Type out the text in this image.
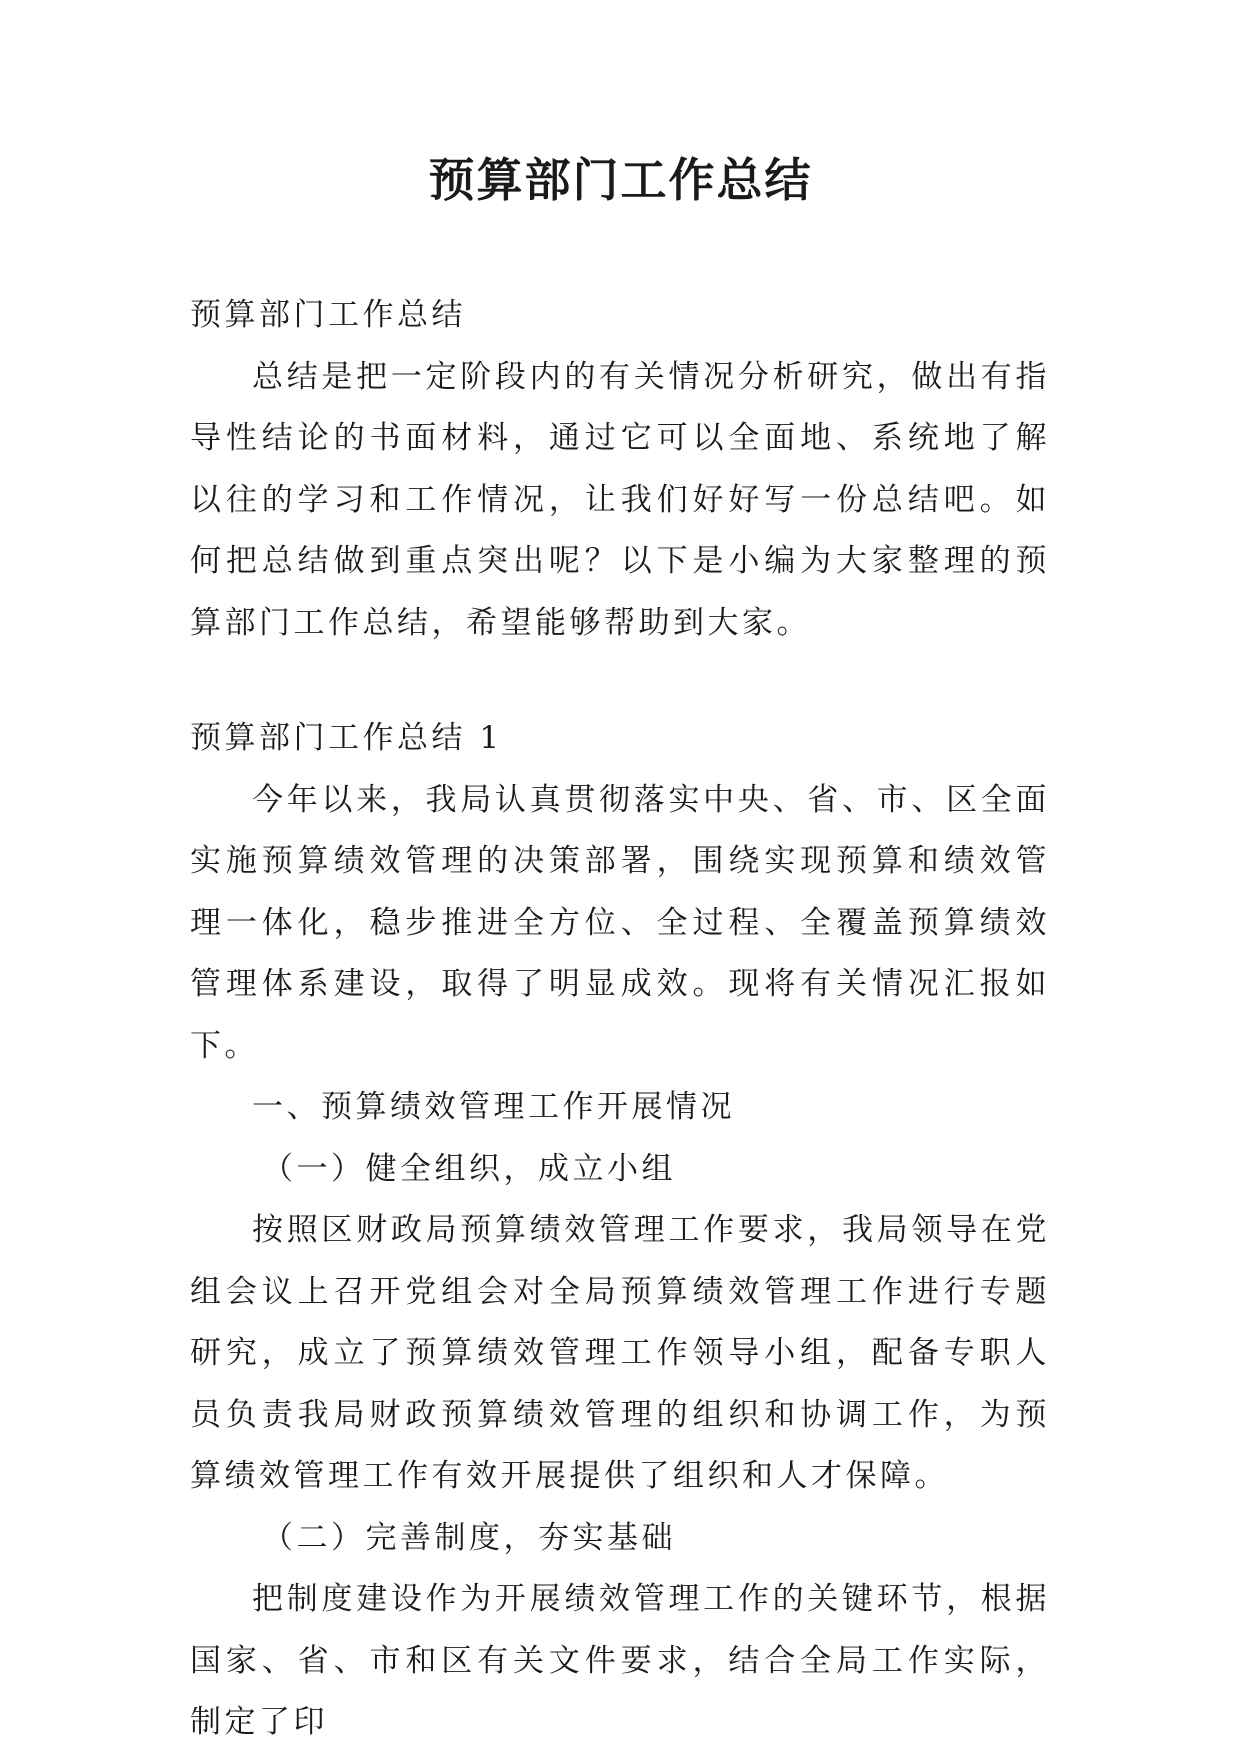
预算部门工作总结

预算部门工作总结

总结是把一定阶段内的有关情况分析研究，做出有指导性结论的书面材料，通过它可以全面地、系统地了解以往的学习和工作情况，让我们好好写一份总结吧。如何把总结做到重点突出呢？以下是小编为大家整理的预算部门工作总结，希望能够帮助到大家。

预算部门工作总结 1

今年以来，我局认真贯彻落实中央、省、市、区全面实施预算绩效管理的决策部署，围绕实现预算和绩效管理一体化，稳步推进全方位、全过程、全覆盖预算绩效管理体系建设，取得了明显成效。现将有关情况汇报如下。

一、预算绩效管理工作开展情况

（一）健全组织，成立小组

按照区财政局预算绩效管理工作要求，我局领导在党组会议上召开党组会对全局预算绩效管理工作进行专题研究，成立了预算绩效管理工作领导小组，配备专职人员负责我局财政预算绩效管理的组织和协调工作，为预算绩效管理工作有效开展提供了组织和人才保障。

（二）完善制度，夯实基础

把制度建设作为开展绩效管理工作的关键环节，根据国家、省、市和区有关文件要求，结合全局工作实际，制定了印
